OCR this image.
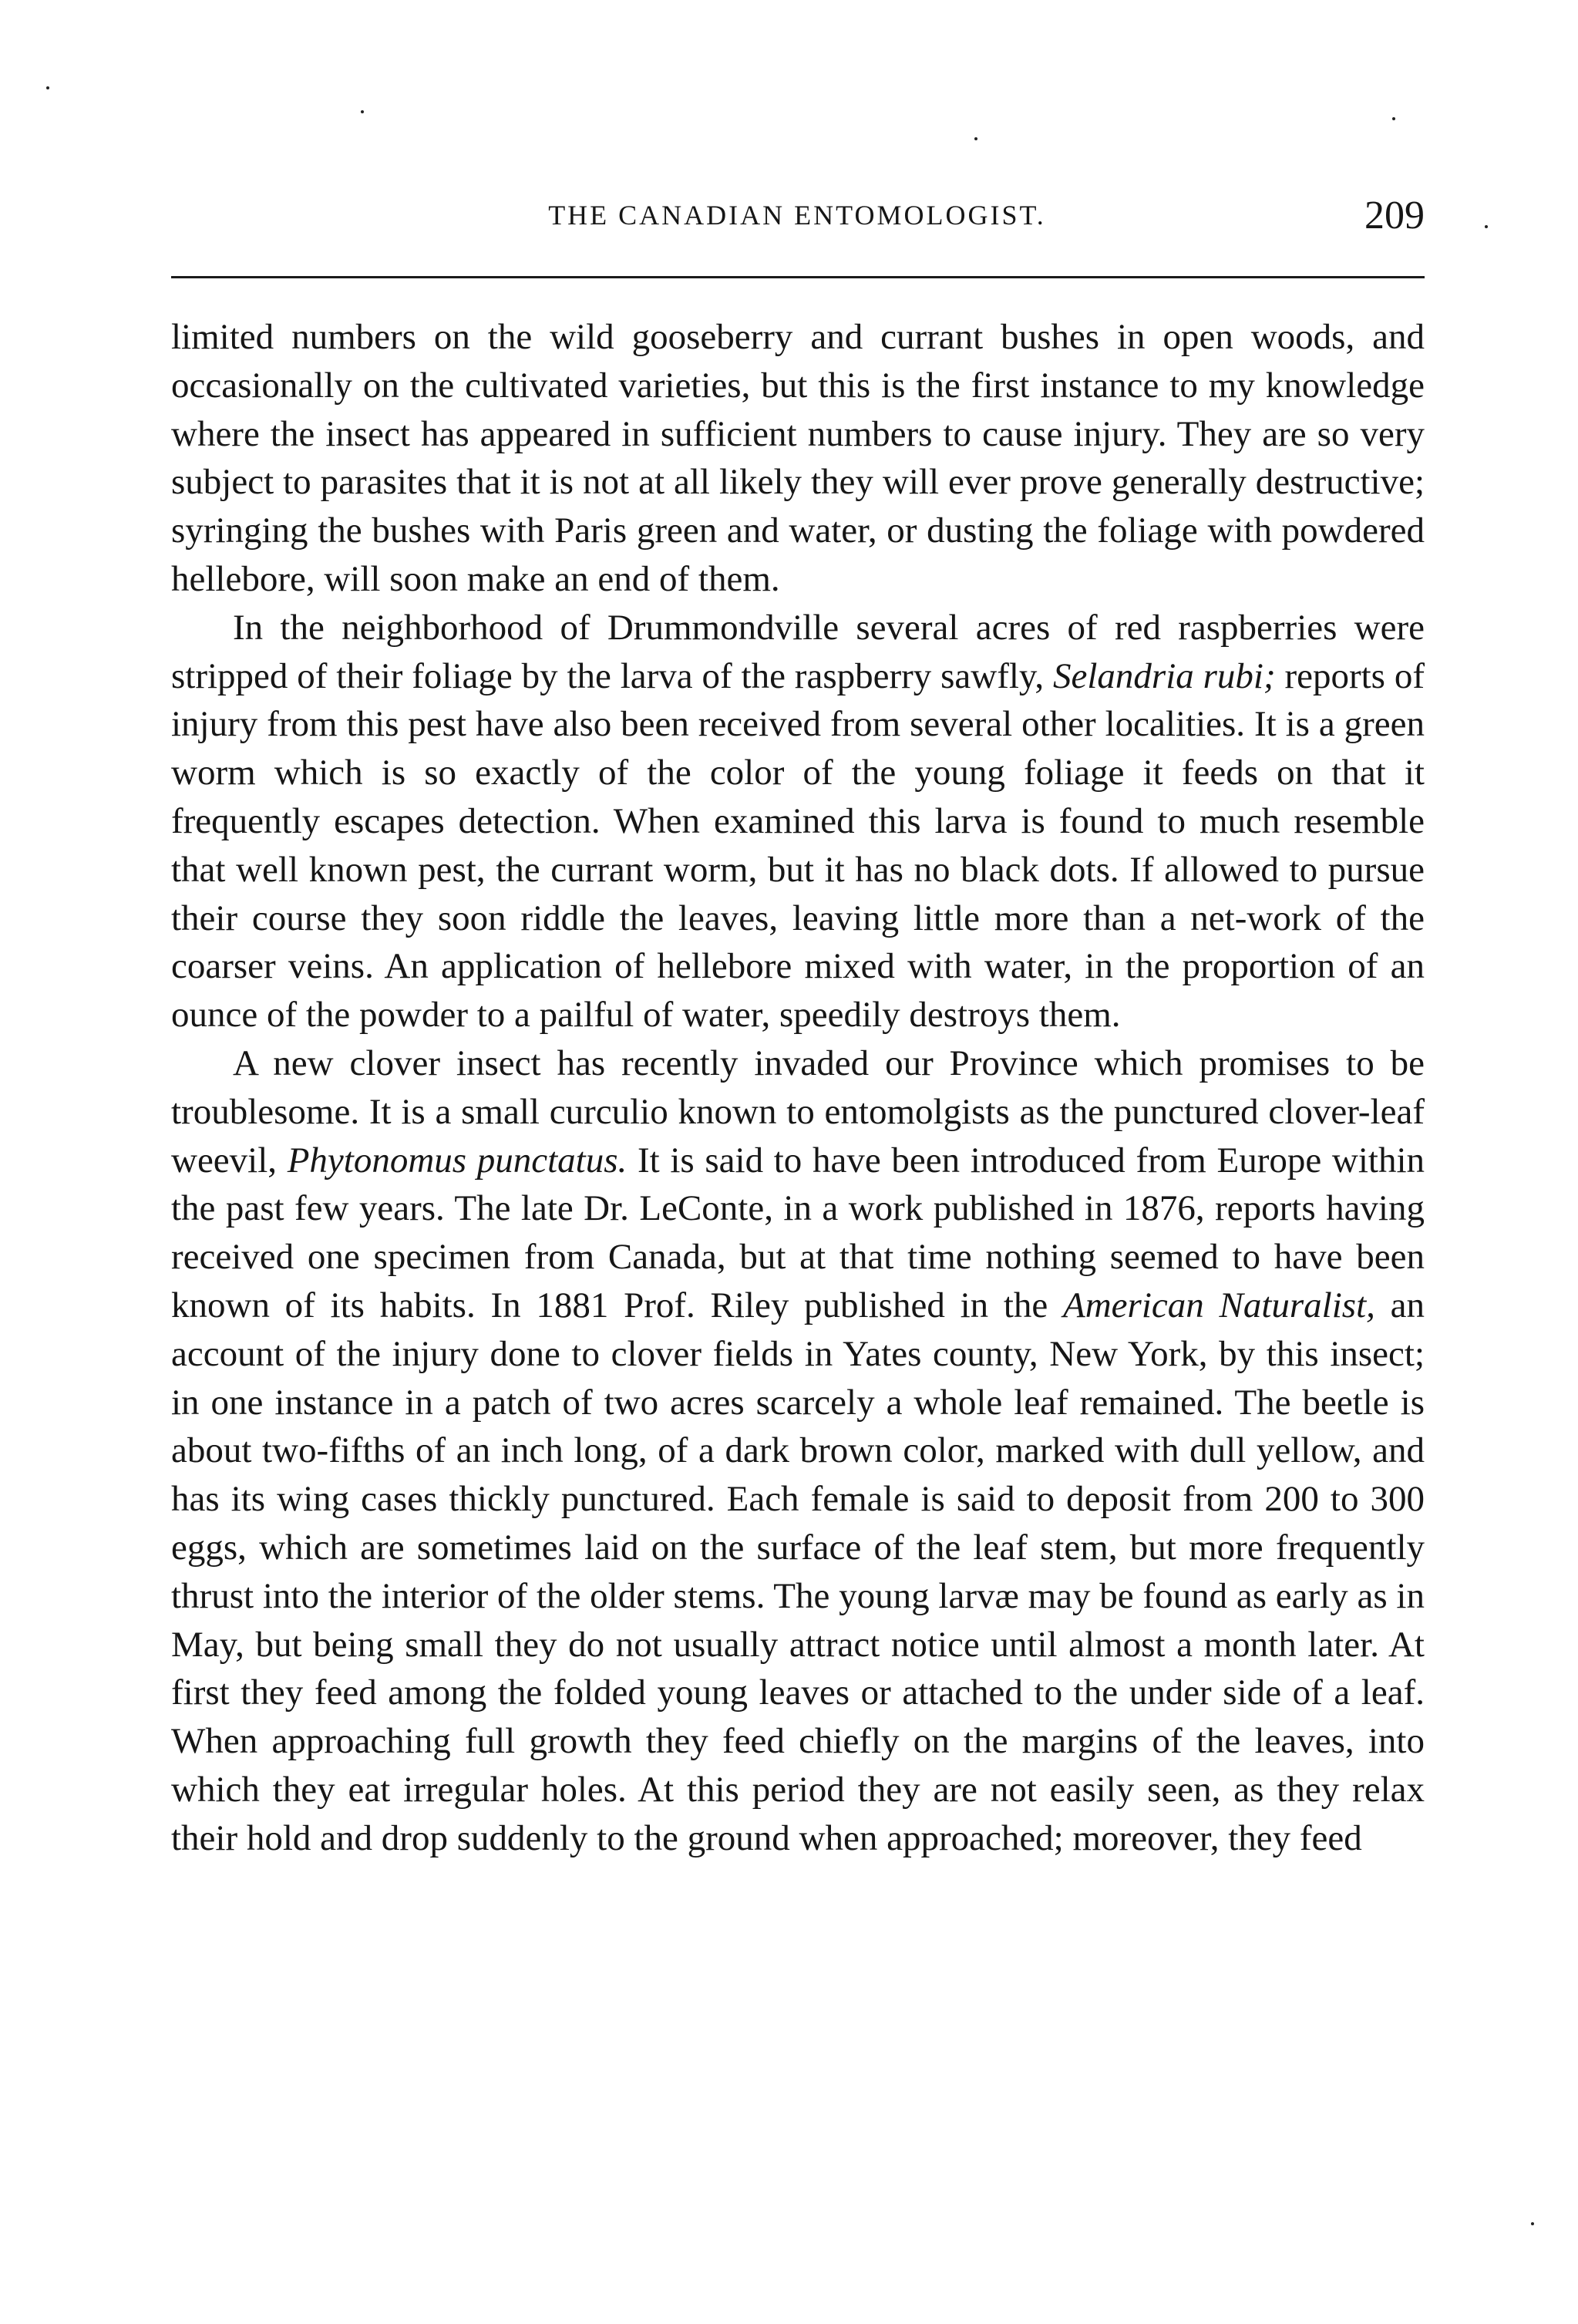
THE CANADIAN ENTOMOLOGIST.	209

limited numbers on the wild gooseberry and currant bushes in open woods, and occasionally on the cultivated varieties, but this is the first instance to my knowledge where the insect has appeared in sufficient numbers to cause injury. They are so very subject to parasites that it is not at all likely they will ever prove generally destructive; syringing the bushes with Paris green and water, or dusting the foliage with powdered hellebore, will soon make an end of them.

In the neighborhood of Drummondville several acres of red raspberries were stripped of their foliage by the larva of the raspberry sawfly, Selandria rubi; reports of injury from this pest have also been received from several other localities. It is a green worm which is so exactly of the color of the young foliage it feeds on that it frequently escapes detection. When examined this larva is found to much resemble that well known pest, the currant worm, but it has no black dots. If allowed to pursue their course they soon riddle the leaves, leaving little more than a net-work of the coarser veins. An application of hellebore mixed with water, in the proportion of an ounce of the powder to a pailful of water, speedily destroys them.

A new clover insect has recently invaded our Province which promises to be troublesome. It is a small curculio known to entomolgists as the punctured clover-leaf weevil, Phytonomus punctatus. It is said to have been introduced from Europe within the past few years. The late Dr. LeConte, in a work published in 1876, reports having received one specimen from Canada, but at that time nothing seemed to have been known of its habits. In 1881 Prof. Riley published in the American Naturalist, an account of the injury done to clover fields in Yates county, New York, by this insect; in one instance in a patch of two acres scarcely a whole leaf remained. The beetle is about two-fifths of an inch long, of a dark brown color, marked with dull yellow, and has its wing cases thickly punctured. Each female is said to deposit from 200 to 300 eggs, which are sometimes laid on the surface of the leaf stem, but more frequently thrust into the interior of the older stems. The young larvæ may be found as early as in May, but being small they do not usually attract notice until almost a month later. At first they feed among the folded young leaves or attached to the under side of a leaf. When approaching full growth they feed chiefly on the margins of the leaves, into which they eat irregular holes. At this period they are not easily seen, as they relax their hold and drop suddenly to the ground when approached; moreover, they feed
